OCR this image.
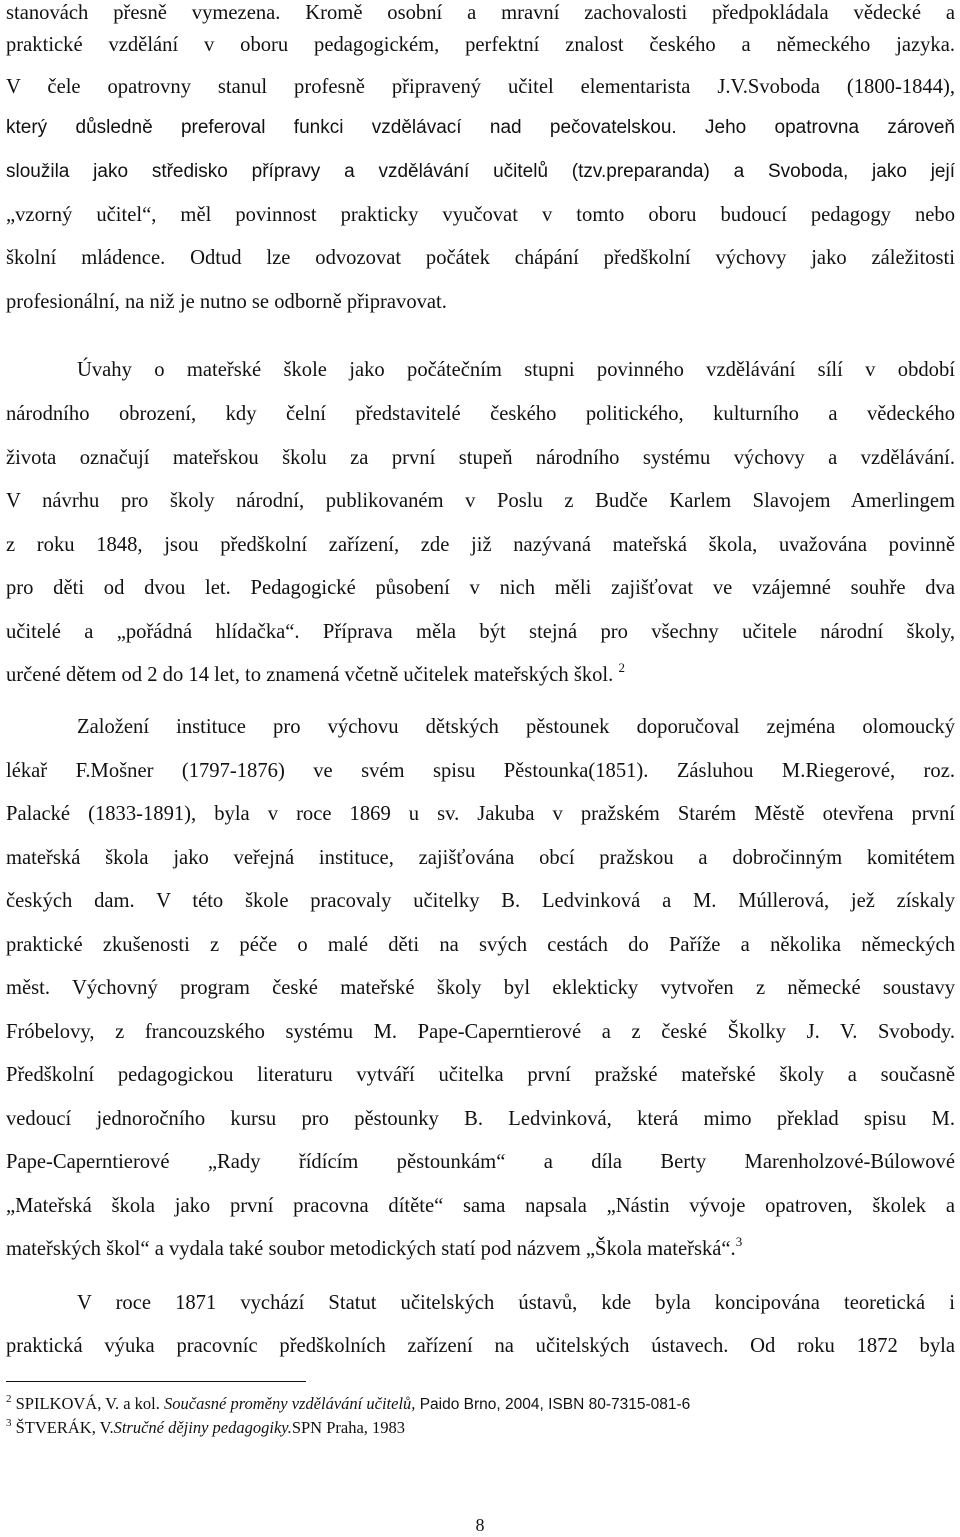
stanovách přesně vymezena. Kromě osobní a mravní zachovalosti předpokládala vědecké a
praktické vzdělání v oboru pedagogickém, perfektní znalost českého a německého jazyka.
V čele opatrovny stanul profesně připravený učitel elementarista J.V.Svoboda (1800-1844),
který důsledně preferoval funkci vzdělávací nad pečovatelskou. Jeho opatrovna zároveň
sloužila jako středisko přípravy a vzdělávání učitelů (tzv.preparanda) a Svoboda, jako její
„vzorný učitel“, měl povinnost prakticky vyučovat v tomto oboru budoucí pedagogy nebo
školní mládence. Odtud lze odvozovat počátek chápání předškolní výchovy jako záležitosti
profesionální, na niž je nutno se odborně připravovat.
Úvahy o mateřské škole jako počátečním stupni povinného vzdělávání sílí v období
národního obrození, kdy čelní představitelé českého politického, kulturního a vědeckého
života označují mateřskou školu za první stupeň národního systému výchovy a vzdělávání.
V návrhu pro školy národní, publikovaném v Poslu z Budče Karlem Slavojem Amerlingem
z roku 1848, jsou předškolní zařízení, zde již nazývaná mateřská škola, uvažována povinně
pro děti od dvou let. Pedagogické působení v nich měli zajišťovat ve vzájemné souhře dva
učitelé a „pořádná hlídačka“. Příprava měla být stejná pro všechny učitele národní školy,
určené dětem od 2 do 14 let, to znamená včetně učitelek mateřských škol. $^2$
Založení instituce pro výchovu dětských pěstounek doporučoval zejména olomoucký
lékař F.Mošner (1797-1876) ve svém spisu Pěstounka(1851). Zásluhou M.Riegerové, roz.
Palacké (1833-1891), byla v roce 1869 u sv. Jakuba v pražském Starém Městě otevřena první
mateřská škola jako veřejná instituce, zajišťována obcí pražskou a dobročinným komitétem
českých dam. V této škole pracovaly učitelky B. Ledvinková a M. Múllerová, jež získaly
praktické zkušenosti z péče o malé děti na svých cestách do Paříže a několika německých
měst. Výchovný program české mateřské školy byl eklekticky vytvořen z německé soustavy
Fróbelovy, z francouzského systému M. Pape-Caperntierové a z české Školky J. V. Svobody.
Předškolní pedagogickou literaturu vytváří učitelka první pražské mateřské školy a současně
vedoucí jednoročního kursu pro pěstounky B. Ledvinková, která mimo překlad spisu M.
Pape-Caperntierové „Rady řídícím pěstounkám“ a díla Berty Marenholzové-Búlowové
„Mateřská škola jako první pracovna dítěte“ sama napsala „Nástin vývoje opatroven, školek a
mateřských škol“ a vydala také soubor metodických statí pod názvem „Škola mateřská“.$^3$
V roce 1871 vychází Statut učitelských ústavů, kde byla koncipována teoretická i
praktická výuka pracovníc předškolních zařízení na učitelských ústavech. Od roku 1872 byla
$^2$ SPILKOVÁ, V. a kol. Současné proměny vzdělávání učitelů, Paido Brno, 2004, ISBN 80-7315-081-6
$^3$ ŠTVERÁK, V.Stručné dějiny pedagogiky.SPN Praha, 1983
8
